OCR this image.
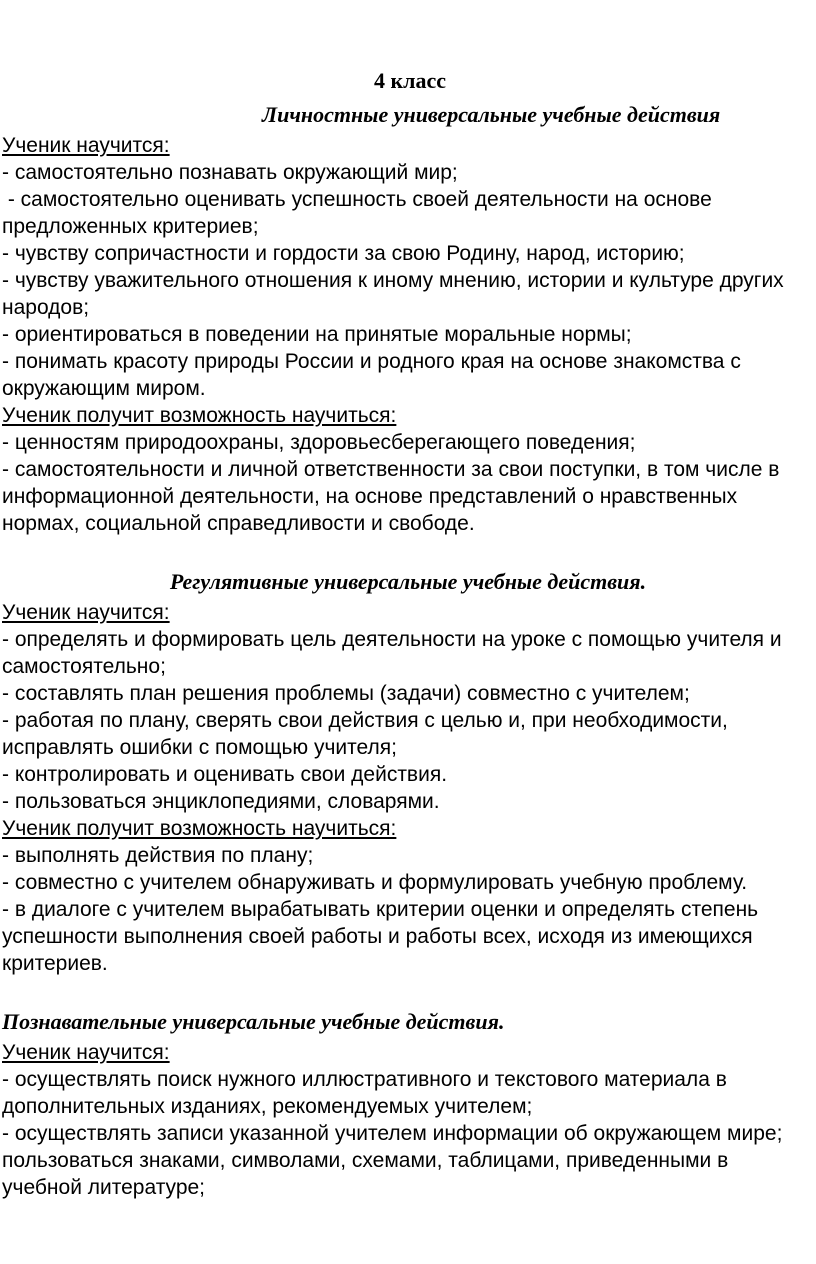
4 класс
Личностные универсальные учебные действия
Ученик научится:
- самостоятельно познавать окружающий мир;
- самостоятельно оценивать успешность своей деятельности на основе предложенных критериев;
- чувству сопричастности и гордости за свою Родину, народ, историю;
- чувству уважительного отношения к иному мнению, истории и культуре других народов;
- ориентироваться в поведении на принятые моральные нормы;
- понимать красоту природы России и родного края на основе знакомства с окружающим миром.
Ученик получит возможность научиться:
- ценностям природоохраны, здоровьесберегающего поведения;
- самостоятельности и личной ответственности за свои поступки, в том числе в информационной деятельности, на основе представлений о нравственных нормах, социальной справедливости и свободе.
Регулятивные универсальные учебные действия.
Ученик научится:
- определять и формировать цель деятельности на уроке с помощью учителя и самостоятельно;
- составлять план решения проблемы (задачи) совместно с учителем;
- работая по плану, сверять свои действия с целью и, при необходимости, исправлять ошибки с помощью учителя;
- контролировать и оценивать свои действия.
- пользоваться энциклопедиями, словарями.
Ученик получит возможность научиться:
- выполнять действия по плану;
- совместно с учителем обнаруживать и формулировать учебную проблему.
- в диалоге с учителем вырабатывать критерии оценки и определять степень успешности выполнения своей работы и работы всех, исходя из имеющихся критериев.
Познавательные универсальные учебные действия.
Ученик научится:
- осуществлять поиск нужного иллюстративного и текстового материала в дополнительных изданиях, рекомендуемых учителем;
- осуществлять записи указанной учителем информации об окружающем мире;
пользоваться знаками, символами, схемами, таблицами, приведенными в учебной литературе;
